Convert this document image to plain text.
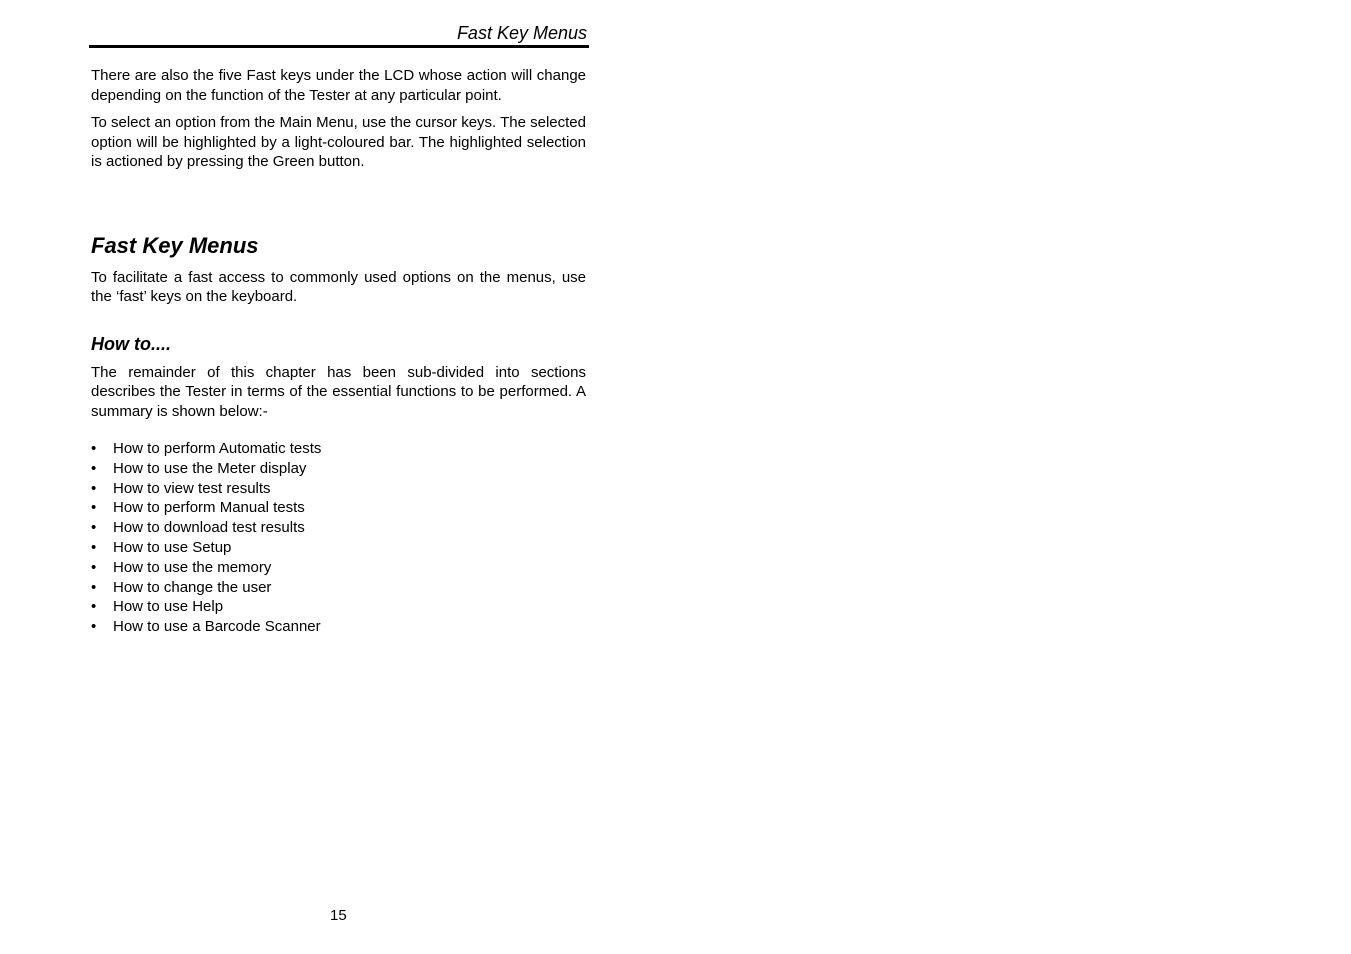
Fast Key Menus

There are also the five Fast keys under the LCD whose action will change depending on the function of the Tester at any particular point.

To select an option from the Main Menu, use the cursor keys. The selected option will be highlighted by a light-coloured bar. The highlighted selection is actioned by pressing the Green button.

Fast Key Menus

To facilitate a fast access to commonly used options on the menus, use the ‘fast’ keys on the keyboard.

How to....

The remainder of this chapter has been sub-divided into sections describes the Tester in terms of the essential functions to be performed. A summary is shown below:-

•	How to perform Automatic tests
•	How to use the Meter display
•	How to view test results
•	How to perform Manual tests
•	How to download test results
•	How to use Setup
•	How to use the memory
•	How to change the user
•	How to use Help
•	How to use a Barcode Scanner
15
